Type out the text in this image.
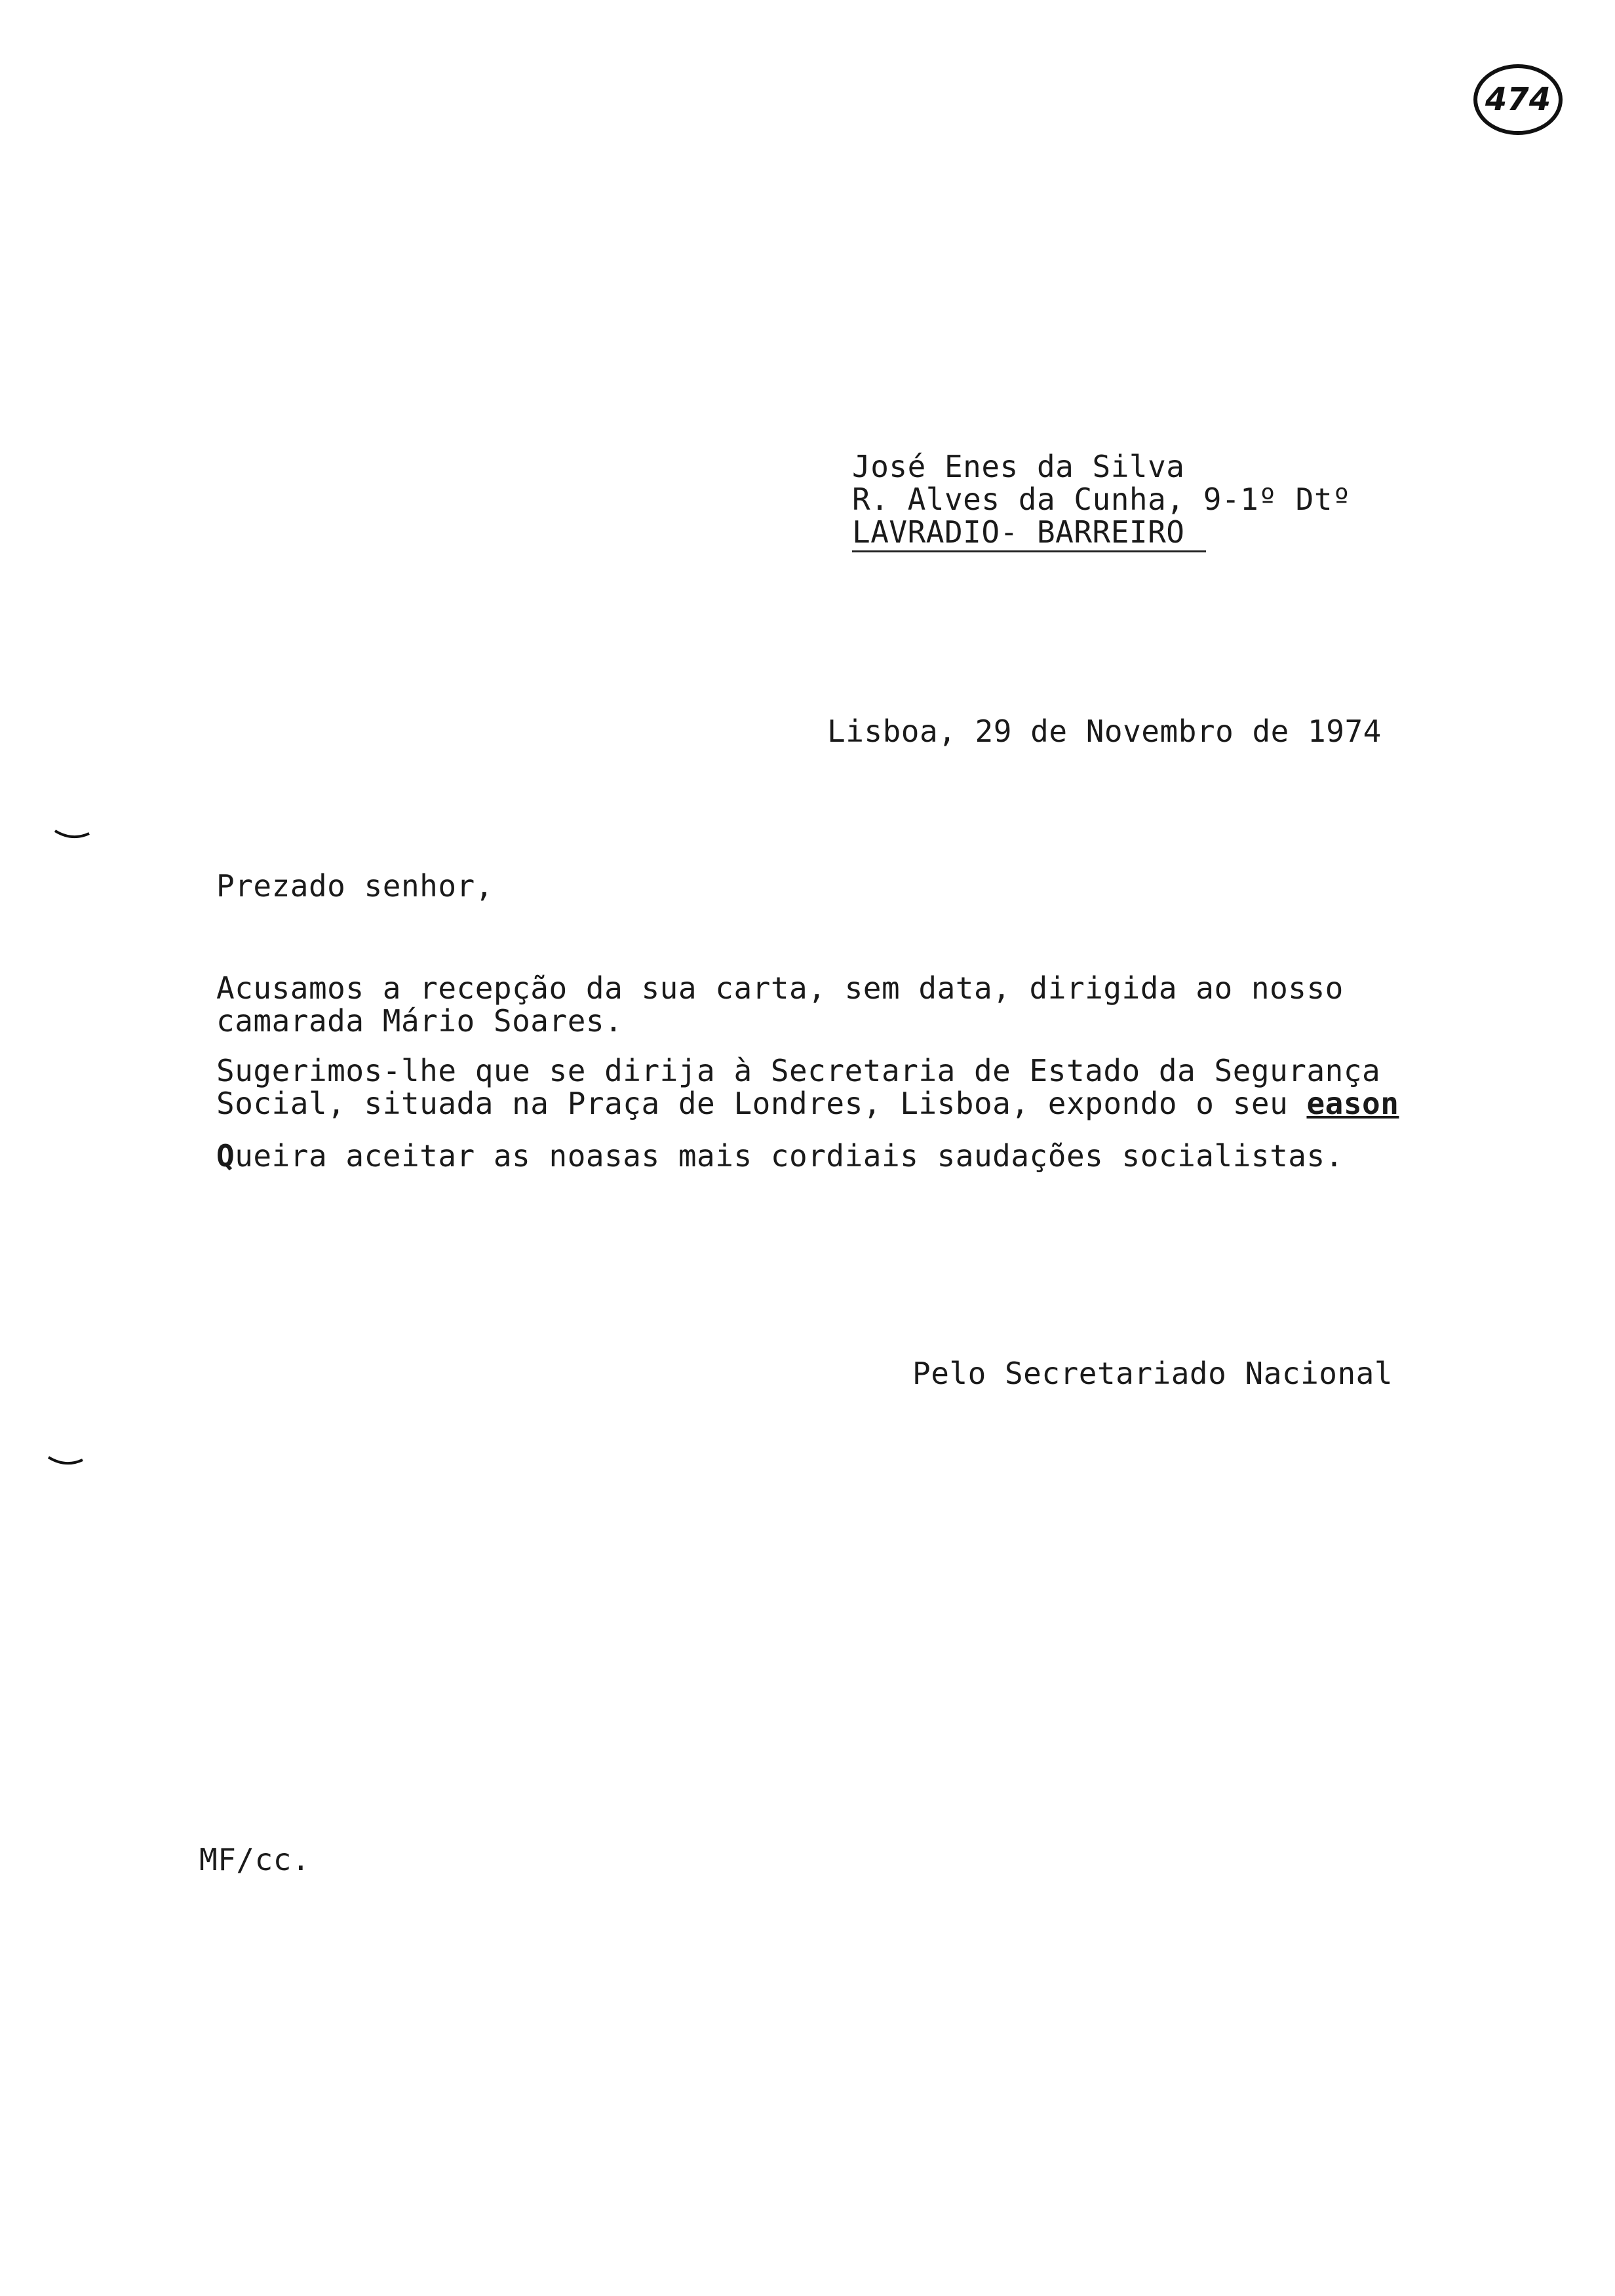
474
José Enes da Silva
R. Alves da Cunha, 9-1º Dtº
LAVRADIO- BARREIRO
Lisboa, 29 de Novembro de 1974
Prezado senhor,
Acusamos a recepção da sua carta, sem data, dirigida ao nosso
camarada Mário Soares.
Sugerimos-lhe que se dirija à Secretaria de Estado da Segurança
Social, situada na Praça de Londres, Lisboa, expondo o seu eason
Queira aceitar as noasas mais cordiais saudações socialistas.
Pelo Secretariado Nacional
MF/cc.
